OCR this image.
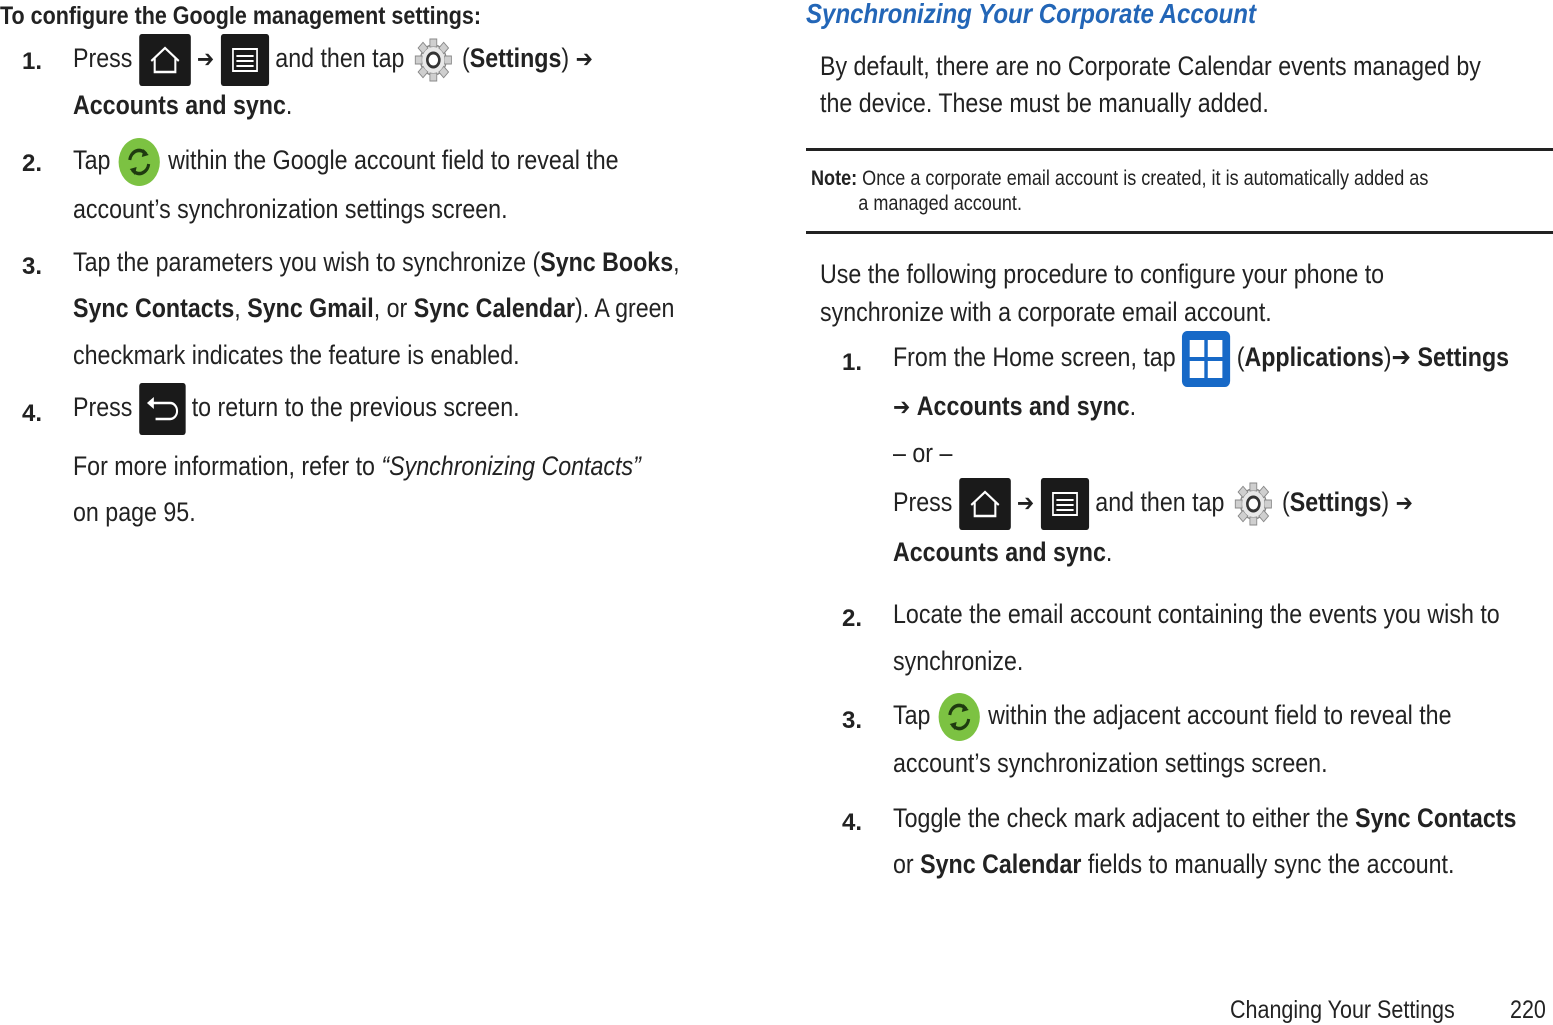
To configure the Google management settings:
1. Press	➔ and then tap (Settings) ➔
Accounts and sync.
2. Tap within the Google account field to reveal the
account’s synchronization settings screen.
3. Tap the parameters you wish to synchronize (Sync Books,
Sync Contacts, Sync Gmail, or Sync Calendar). A green
checkmark indicates the feature is enabled.
4. Press to return to the previous screen.
For more information, refer to “Synchronizing Contacts”
on page 95.
Synchronizing Your Corporate Account
By default, there are no Corporate Calendar events managed by
the device. These must be manually added.
Note: Once a corporate email account is created, it is automatically added as
a managed account.
Use the following procedure to configure your phone to
synchronize with a corporate email account.
1. From the Home screen, tap (Applications)➔ Settings
➔ Accounts and sync.
– or –
Press	➔ and then tap (Settings) ➔
Accounts and sync.
2. Locate the email account containing the events you wish to
synchronize.
3. Tap within the adjacent account field to reveal the
account’s synchronization settings screen.
4. Toggle the check mark adjacent to either the Sync Contacts
or Sync Calendar fields to manually sync the account.
Changing Your Settings	220
